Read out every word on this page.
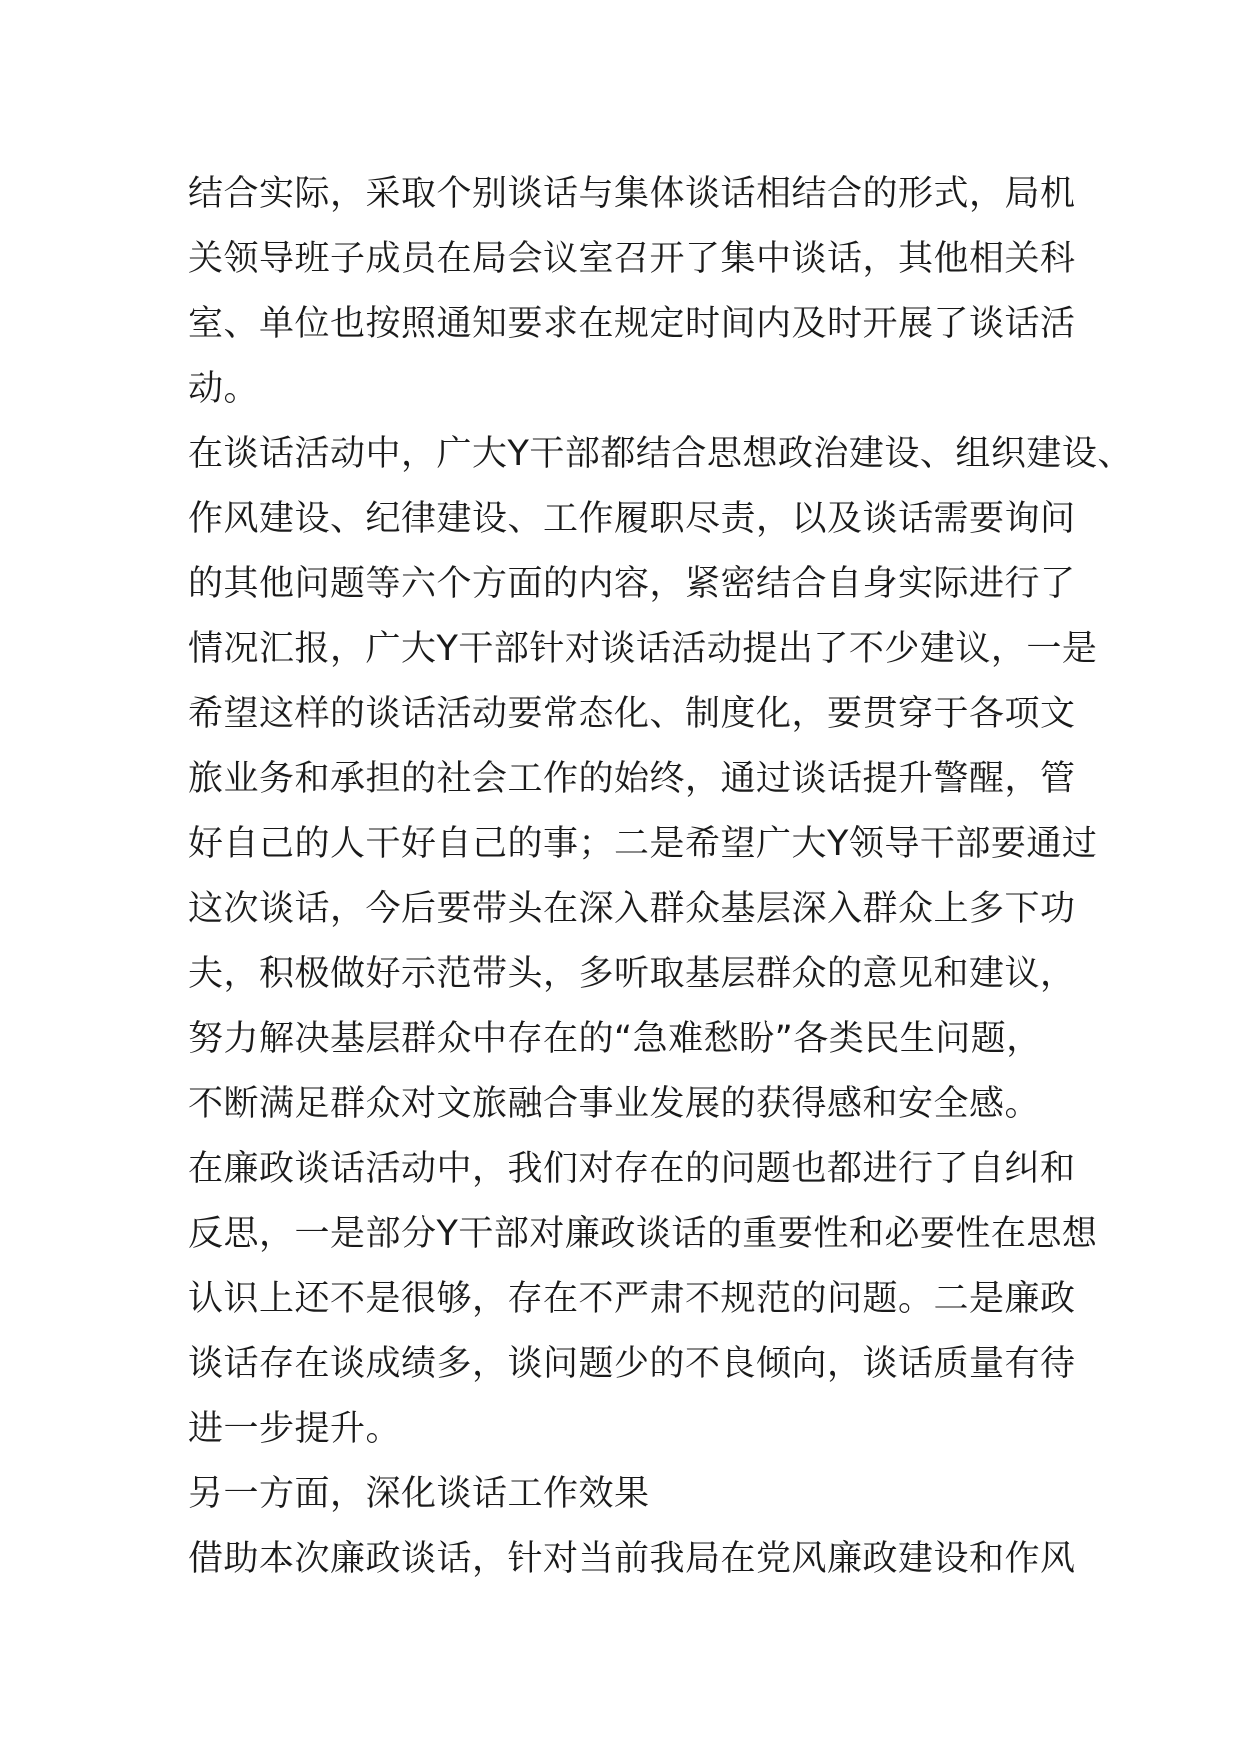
结合实际，采取个别谈话与集体谈话相结合的形式，局机
关领导班子成员在局会议室召开了集中谈话，其他相关科
室、单位也按照通知要求在规定时间内及时开展了谈话活
动。
在谈话活动中，广大Y干部都结合思想政治建设、组织建设、
作风建设、纪律建设、工作履职尽责，以及谈话需要询问
的其他问题等六个方面的内容，紧密结合自身实际进行了
情况汇报，广大Y干部针对谈话活动提出了不少建议，一是
希望这样的谈话活动要常态化、制度化，要贯穿于各项文
旅业务和承担的社会工作的始终，通过谈话提升警醒，管
好自己的人干好自己的事；二是希望广大Y领导干部要通过
这次谈话，今后要带头在深入群众基层深入群众上多下功
夫，积极做好示范带头，多听取基层群众的意见和建议，
努力解决基层群众中存在的“急难愁盼”各类民生问题，
不断满足群众对文旅融合事业发展的获得感和安全感。
在廉政谈话活动中，我们对存在的问题也都进行了自纠和
反思，一是部分Y干部对廉政谈话的重要性和必要性在思想
认识上还不是很够，存在不严肃不规范的问题。二是廉政
谈话存在谈成绩多，谈问题少的不良倾向，谈话质量有待
进一步提升。
另一方面，深化谈话工作效果
借助本次廉政谈话，针对当前我局在党风廉政建设和作风
